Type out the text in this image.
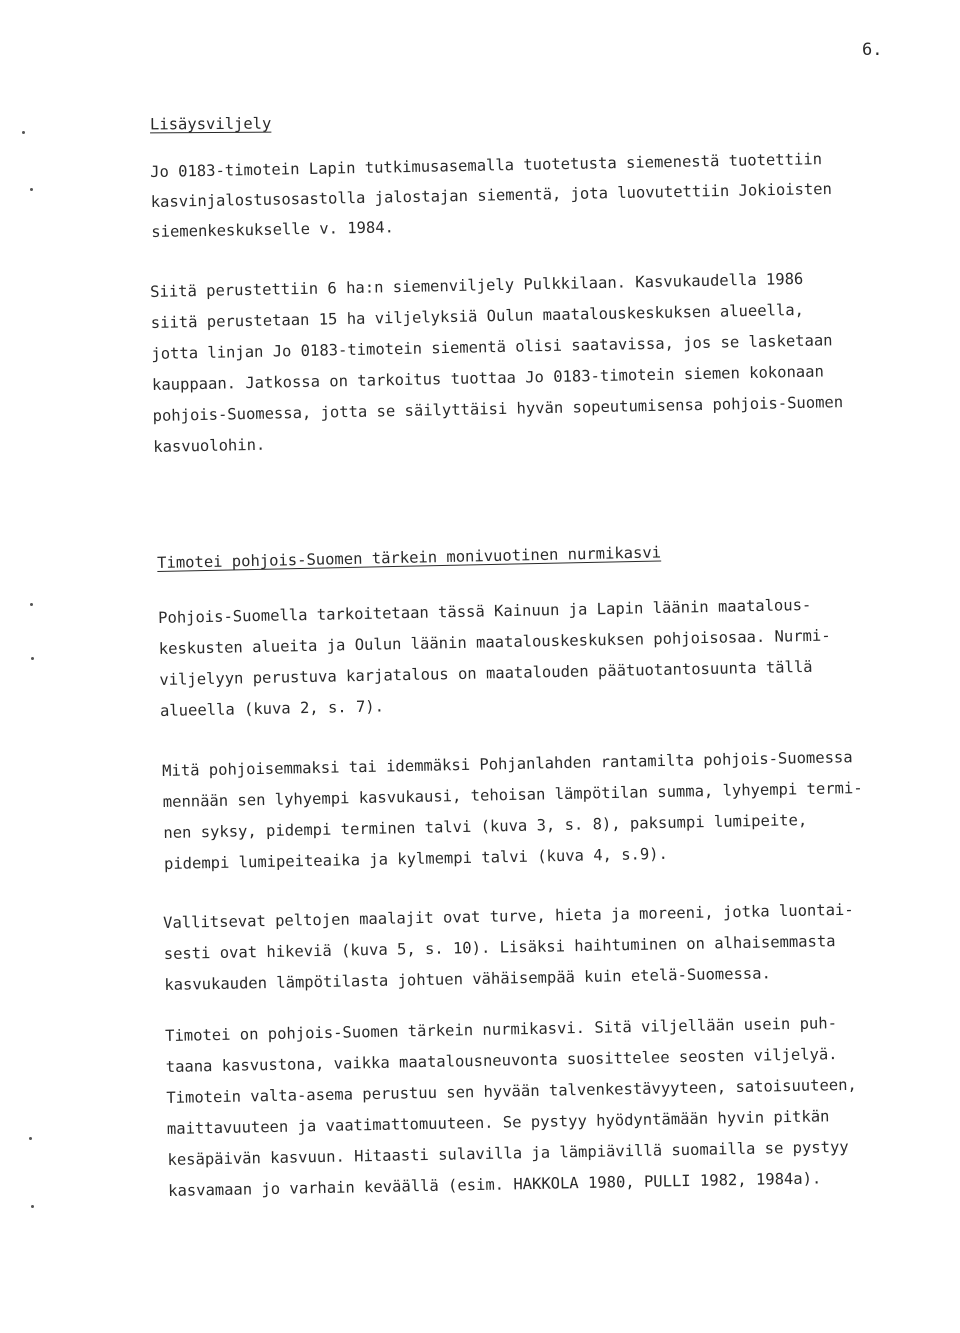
6.
Lisäysviljely
Jo 0183-timotein Lapin tutkimusasemalla tuotetusta siemenestä tuotettiin
kasvinjalostusosastolla jalostajan siementä, jota luovutettiin Jokioisten
siemenkeskukselle v. 1984.
Siitä perustettiin 6 ha:n siemenviljely Pulkkilaan. Kasvukaudella 1986
siitä perustetaan 15 ha viljelyksiä Oulun maatalouskeskuksen alueella,
jotta linjan Jo 0183-timotein siementä olisi saatavissa, jos se lasketaan
kauppaan. Jatkossa on tarkoitus tuottaa Jo 0183-timotein siemen kokonaan
pohjois-Suomessa, jotta se säilyttäisi hyvän sopeutumisensa pohjois-Suomen
kasvuolohin.
Timotei pohjois-Suomen tärkein monivuotinen nurmikasvi
Pohjois-Suomella tarkoitetaan tässä Kainuun ja Lapin läänin maatalous-
keskusten alueita ja Oulun läänin maatalouskeskuksen pohjoisosaa. Nurmi-
viljelyyn perustuva karjatalous on maatalouden päätuotantosuunta tällä
alueella (kuva 2, s. 7).
Mitä pohjoisemmaksi tai idemmäksi Pohjanlahden rantamilta pohjois-Suomessa
mennään sen lyhyempi kasvukausi, tehoisan lämpötilan summa, lyhyempi termi-
nen syksy, pidempi terminen talvi (kuva 3, s. 8), paksumpi lumipeite,
pidempi lumipeiteaika ja kylmempi talvi (kuva 4, s.9).
Vallitsevat peltojen maalajit ovat turve, hieta ja moreeni, jotka luontai-
sesti ovat hikeviä (kuva 5, s. 10). Lisäksi haihtuminen on alhaisemmasta
kasvukauden lämpötilasta johtuen vähäisempää kuin etelä-Suomessa.
Timotei on pohjois-Suomen tärkein nurmikasvi. Sitä viljellään usein puh-
taana kasvustona, vaikka maatalousneuvonta suosittelee seosten viljelyä.
Timotein valta-asema perustuu sen hyvään talvenkestävyyteen, satoisuuteen,
maittavuuteen ja vaatimattomuuteen. Se pystyy hyödyntämään hyvin pitkän
kesäpäivän kasvuun. Hitaasti sulavilla ja lämpiävillä suomailla se pystyy
kasvamaan jo varhain keväällä (esim. HAKKOLA 1980, PULLI 1982, 1984a).
